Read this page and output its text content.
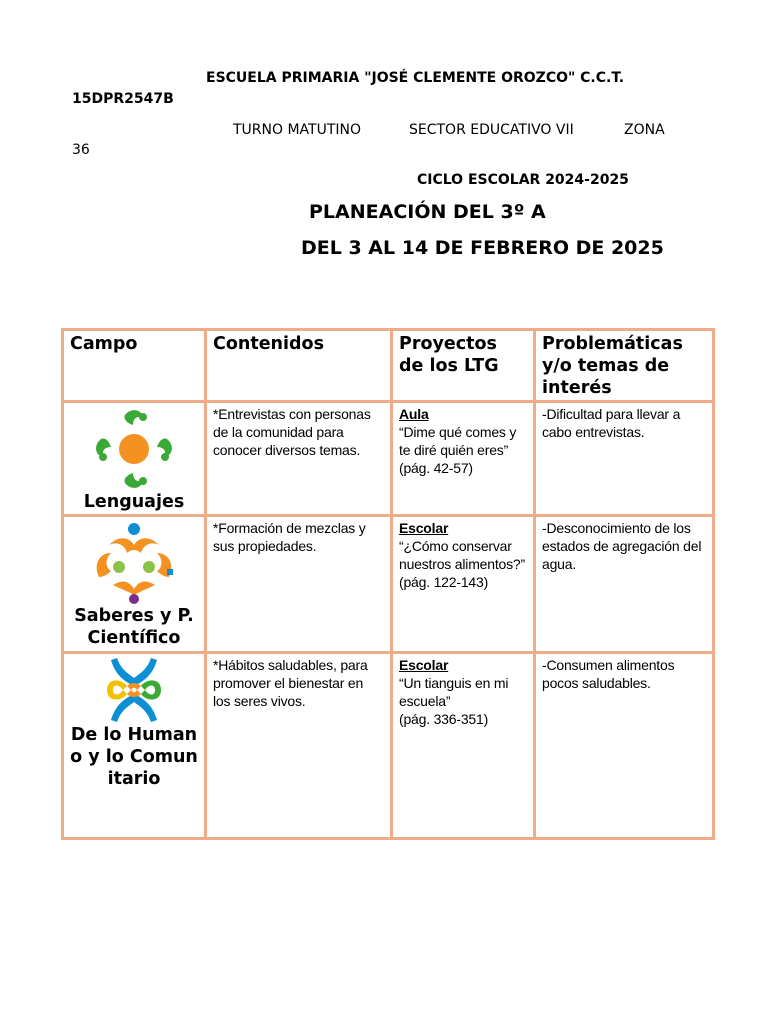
ESCUELA PRIMARIA "JOSÉ CLEMENTE OROZCO" C.C.T.
15DPR2547B
TURNO MATUTINO	SECTOR EDUCATIVO VII	ZONA
36
CICLO ESCOLAR 2024-2025
PLANEACIÓN DEL 3º A
DEL 3 AL 14 DE FEBRERO DE 2025
Campo	Contenidos	Proyectos de los LTG	Problemáticas y/o temas de interés

Lenguajes	*Entrevistas con personas de la comunidad para conocer diversos temas.	Aula
“Dime qué comes y te diré quién eres”
(pág. 42-57)	-Dificultad para llevar a cabo entrevistas.

Saberes y P. Científico	*Formación de mezclas y sus propiedades.	Escolar
“¿Cómo conservar nuestros alimentos?”
(pág. 122-143)	-Desconocimiento de los estados de agregación del agua.

De lo Humano y lo Comunitario	*Hábitos saludables, para promover el bienestar en los seres vivos.	Escolar
“Un tianguis en mi escuela”
(pág. 336-351)	-Consumen alimentos pocos saludables.
